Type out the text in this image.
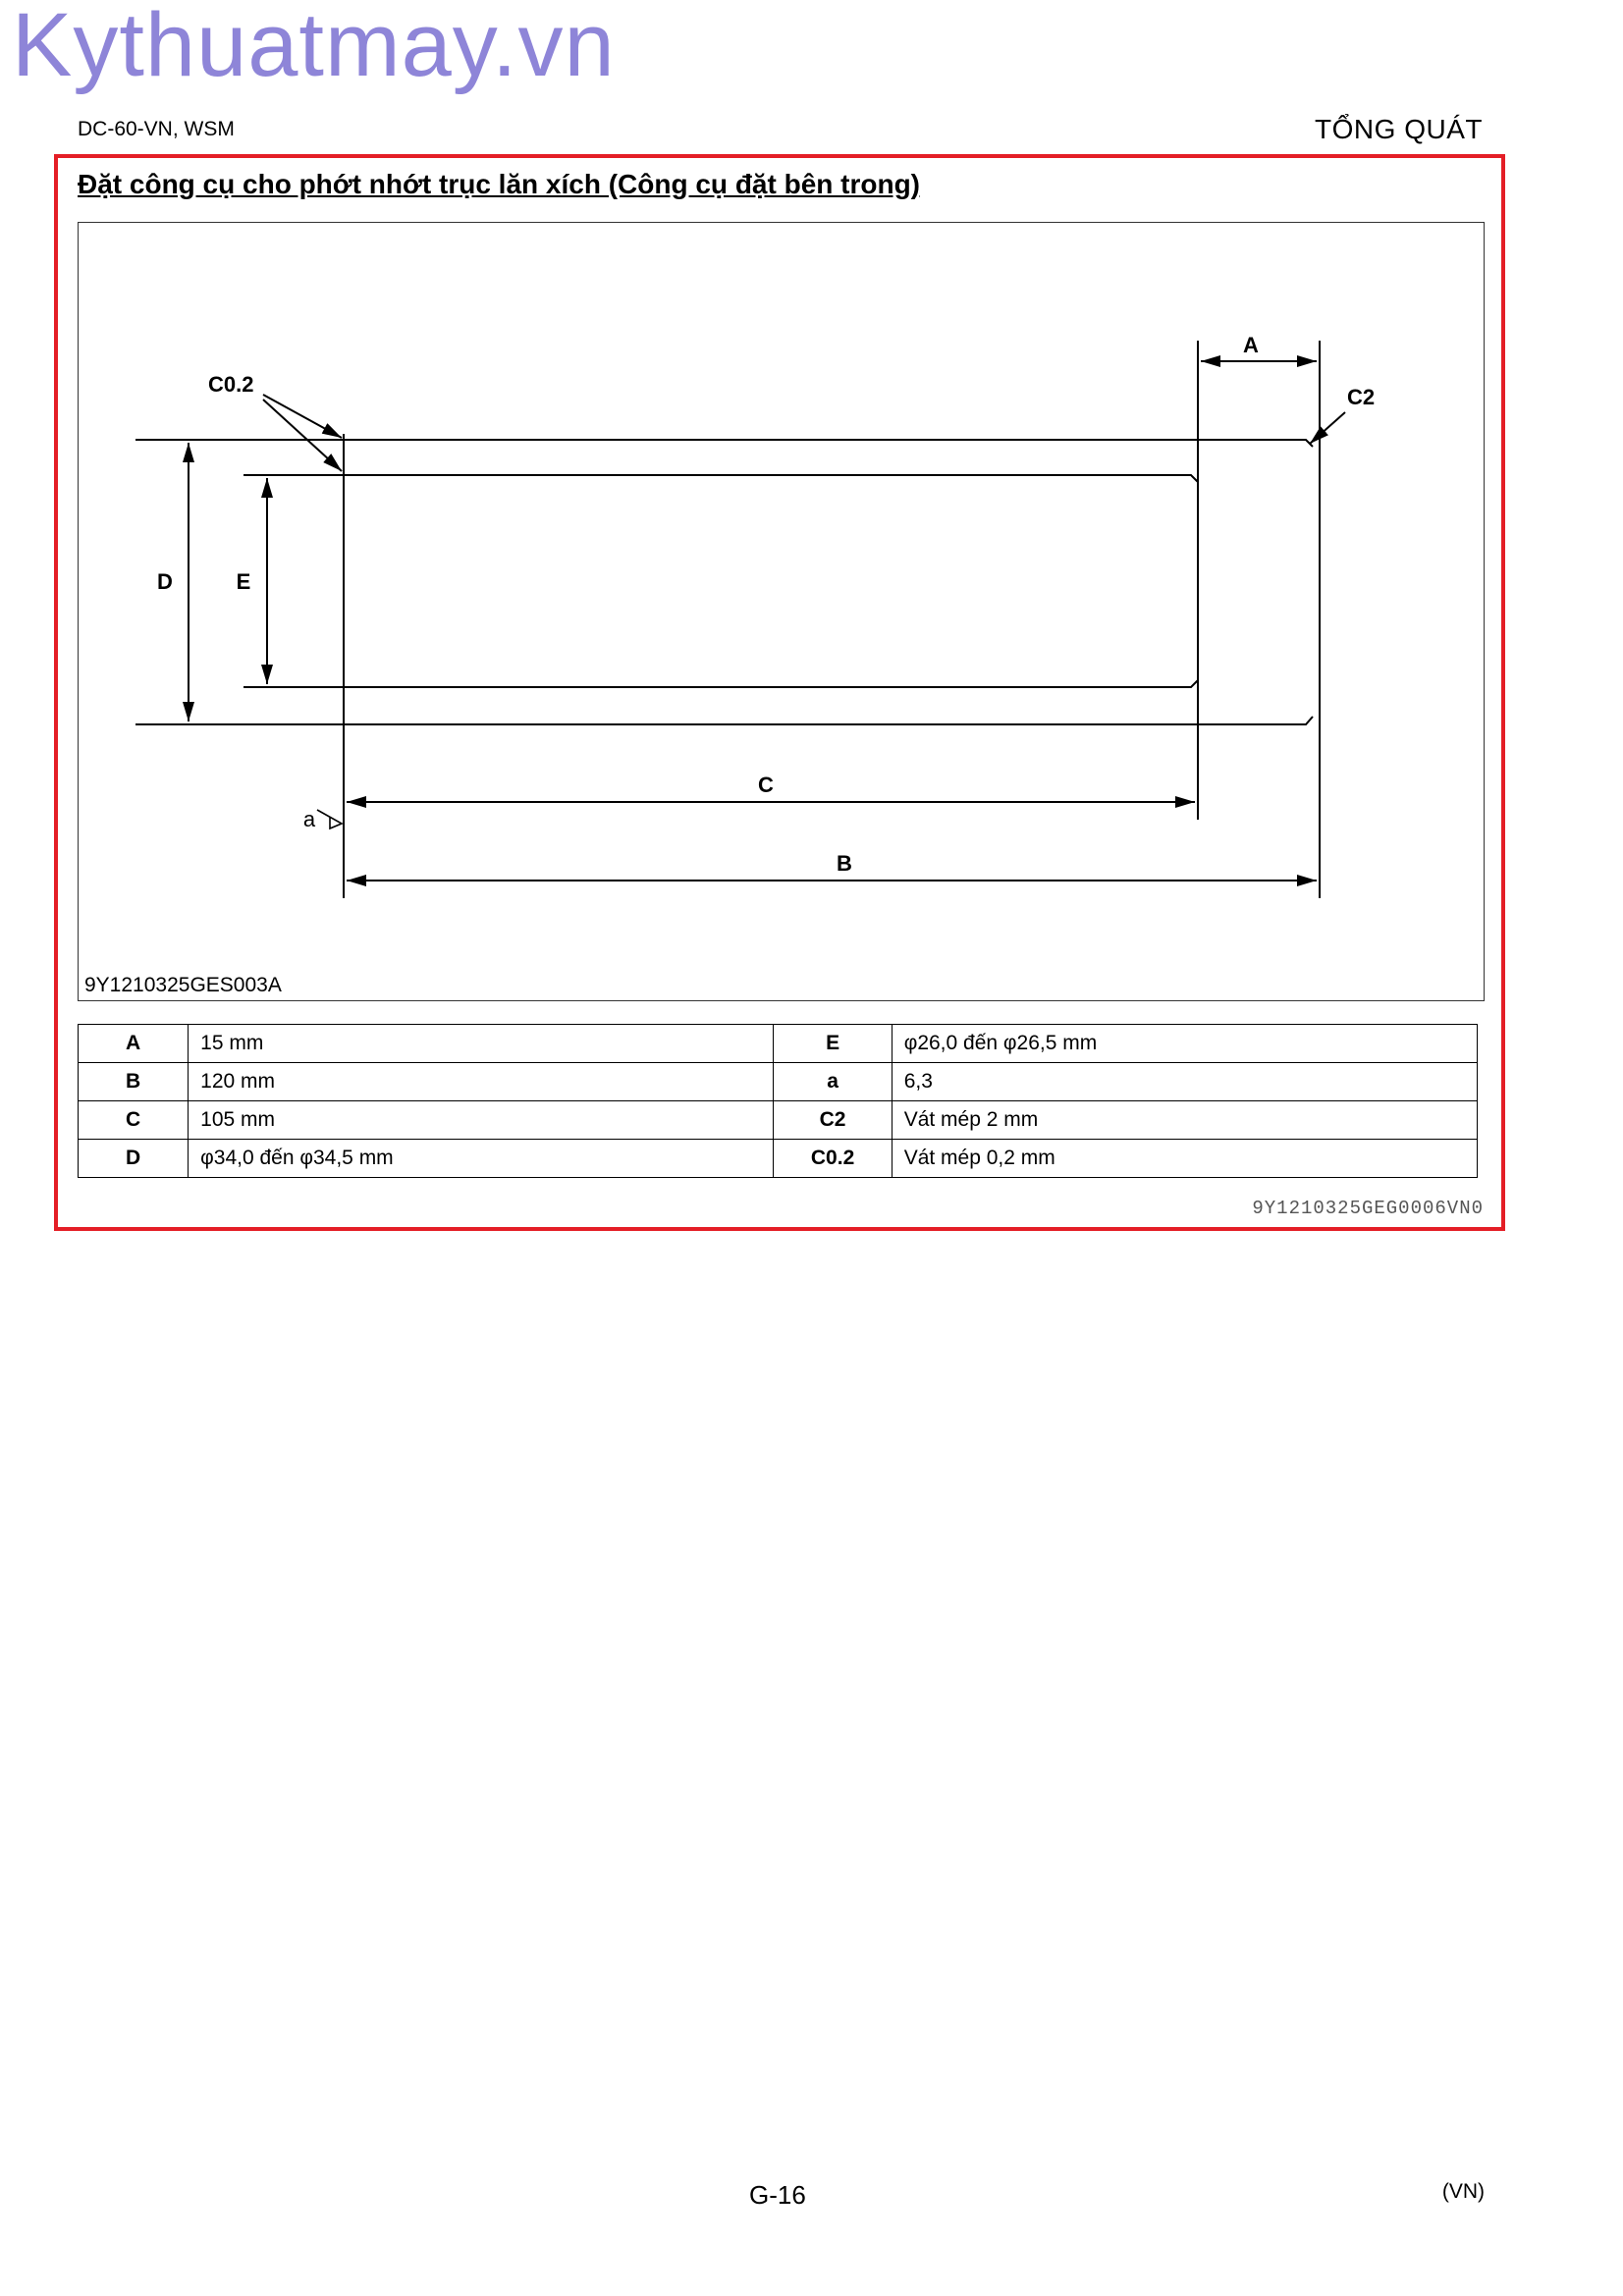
Kythuatmay.vn
DC-60-VN, WSM	TỔNG QUÁT
Đặt công cụ cho phớt nhớt trục lăn xích (Công cụ đặt bên trong)
A
B
C
D	E
C0.2
C2
a
9Y1210325GES003A
A	15 mm	E	φ26,0 đến φ26,5 mm
B	120 mm	a	6,3
C	105 mm	C2	Vát mép 2 mm
D	φ34,0 đến φ34,5 mm	C0.2	Vát mép 0,2 mm
9Y1210325GEG0006VN0
G-16	(VN)
